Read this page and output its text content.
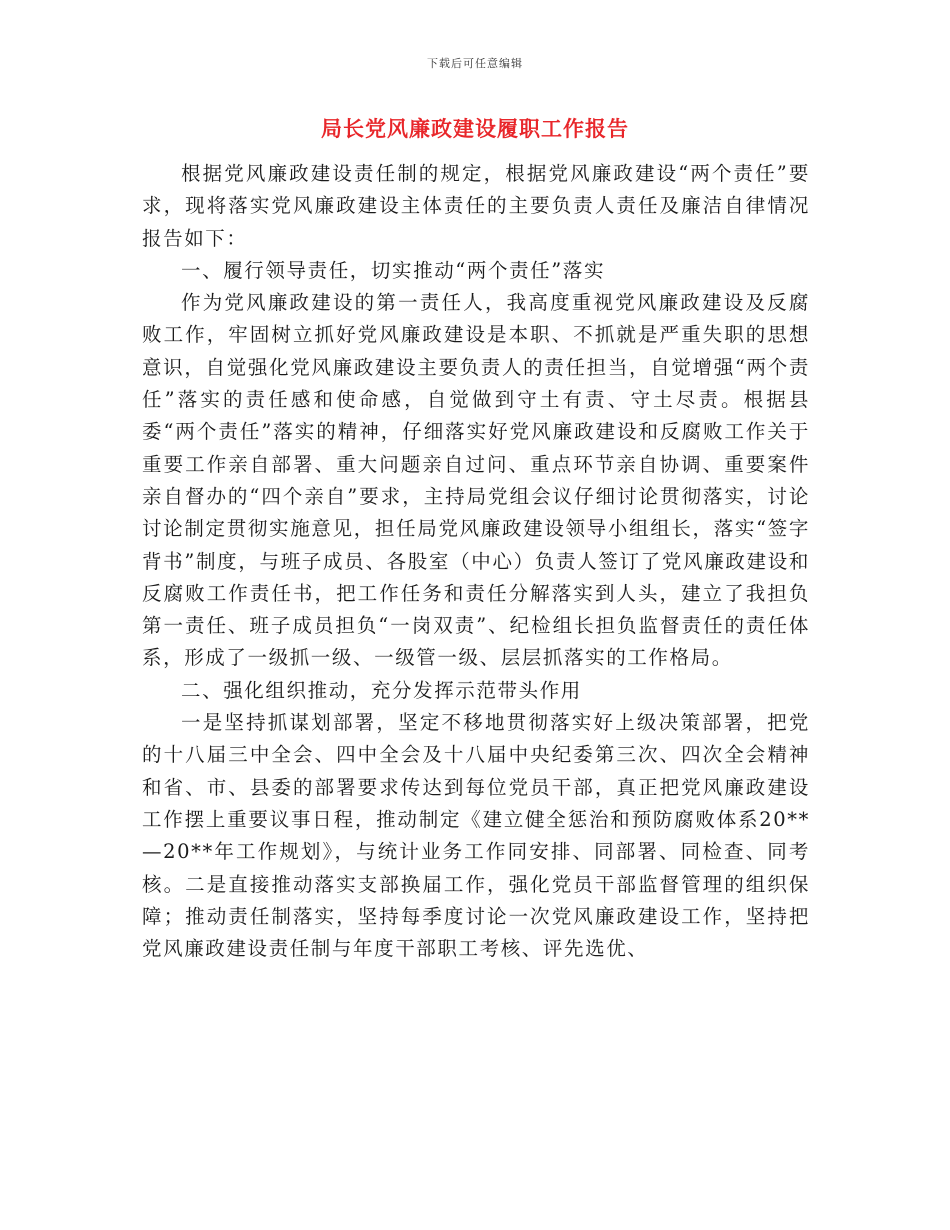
下载后可任意编辑
局长党风廉政建设履职工作报告

根据党风廉政建设责任制的规定，根据党风廉政建设“两个责任”要求，现将落实党风廉政建设主体责任的主要负责人责任及廉洁自律情况报告如下：

一、履行领导责任，切实推动“两个责任”落实

作为党风廉政建设的第一责任人，我高度重视党风廉政建设及反腐败工作，牢固树立抓好党风廉政建设是本职、不抓就是严重失职的思想意识，自觉强化党风廉政建设主要负责人的责任担当，自觉增强“两个责任”落实的责任感和使命感，自觉做到守土有责、守土尽责。根据县委“两个责任”落实的精神，仔细落实好党风廉政建设和反腐败工作关于重要工作亲自部署、重大问题亲自过问、重点环节亲自协调、重要案件亲自督办的“四个亲自”要求，主持局党组会议仔细讨论贯彻落实，讨论讨论制定贯彻实施意见，担任局党风廉政建设领导小组组长，落实“签字背书”制度，与班子成员、各股室（中心）负责人签订了党风廉政建设和反腐败工作责任书，把工作任务和责任分解落实到人头，建立了我担负第一责任、班子成员担负“一岗双责”、纪检组长担负监督责任的责任体系，形成了一级抓一级、一级管一级、层层抓落实的工作格局。

二、强化组织推动，充分发挥示范带头作用

一是坚持抓谋划部署，坚定不移地贯彻落实好上级决策部署，把党的十八届三中全会、四中全会及十八届中央纪委第三次、四次全会精神和省、市、县委的部署要求传达到每位党员干部，真正把党风廉政建设工作摆上重要议事日程，推动制定《建立健全惩治和预防腐败体系20**—20**年工作规划》，与统计业务工作同安排、同部署、同检查、同考核。二是直接推动落实支部换届工作，强化党员干部监督管理的组织保障；推动责任制落实，坚持每季度讨论一次党风廉政建设工作，坚持把党风廉政建设责任制与年度干部职工考核、评先选优、
